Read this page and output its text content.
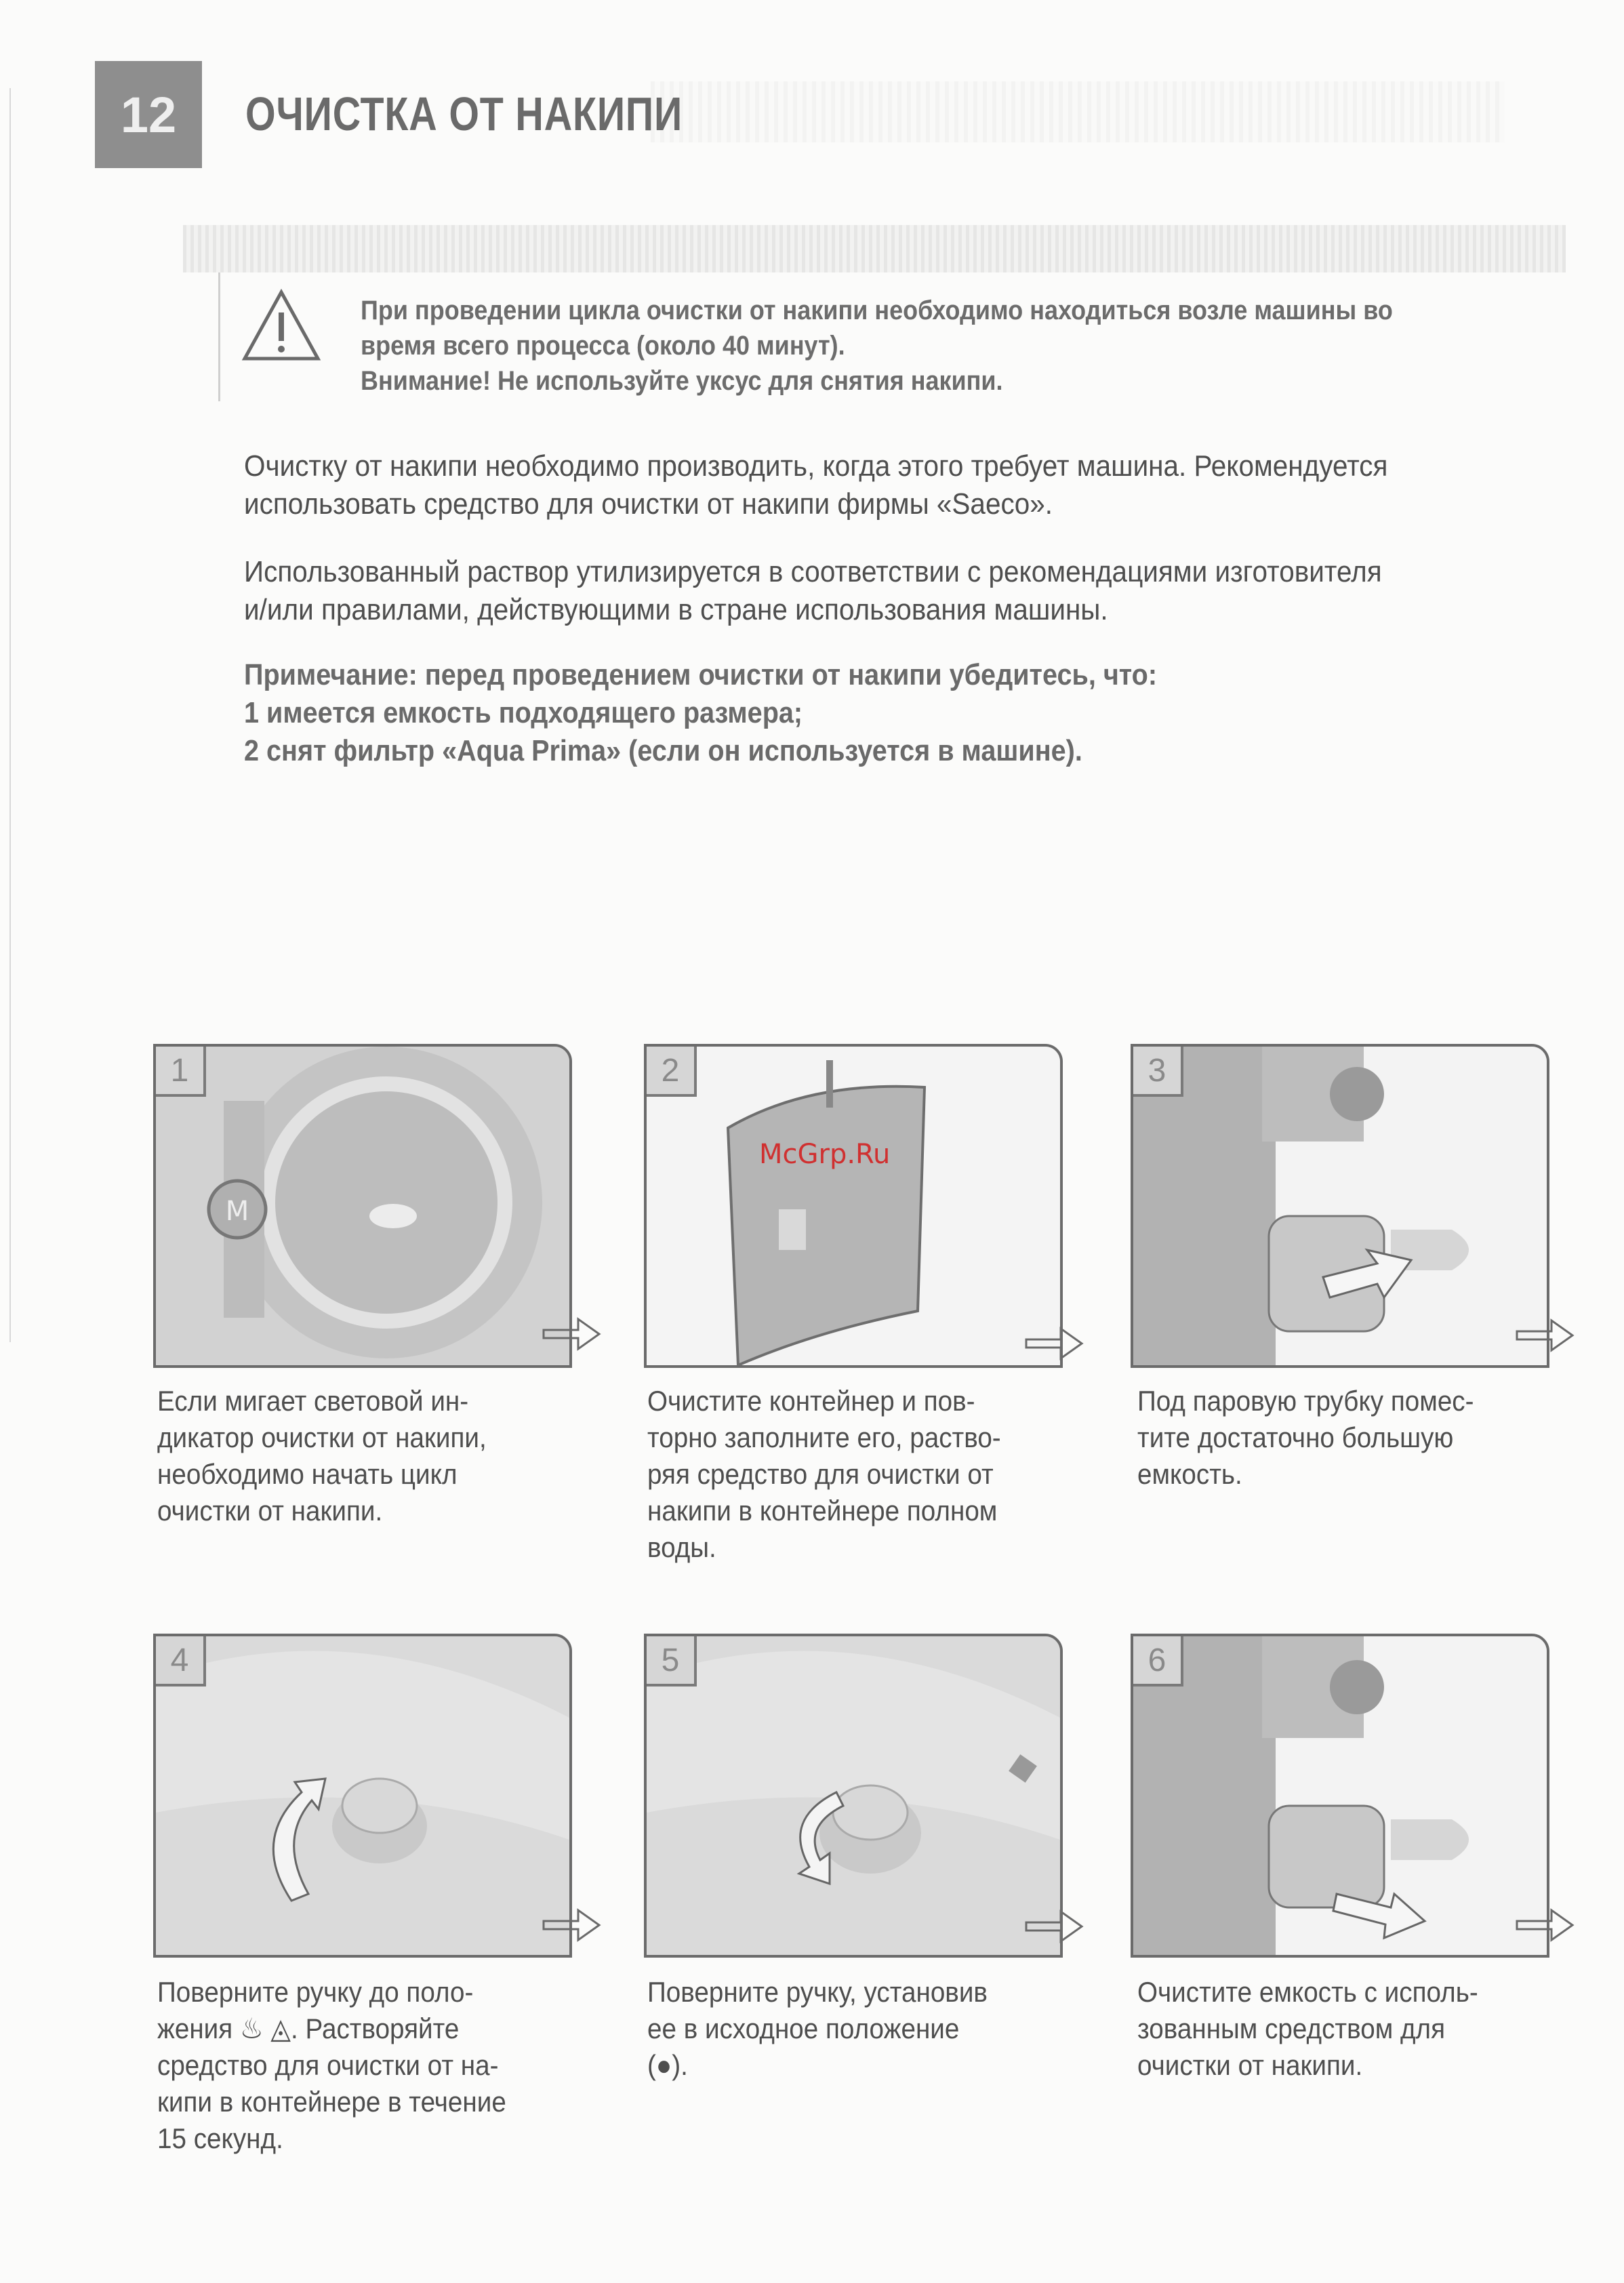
12 ОЧИСТКА ОТ НАКИПИ
При проведении цикла очистки от накипи необходимо находиться возле машины во
время всего процесса (около 40 минут).
Внимание! Не используйте уксус для снятия накипи.
Очистку от накипи необходимо производить, когда этого требует машина. Рекомендуется
использовать средство для очистки от накипи фирмы «Saeco».
Использованный раствор утилизируется в соответствии с рекомендациями изготовителя
и/или правилами, действующими в стране использования машины.
Примечание: перед проведением очистки от накипи убедитесь, что:
1 имеется емкость подходящего размера;
2 снят фильтр «Aqua Prima» (если он используется в машине).
M
1
Если мигает световой ин-
дикатор очистки от накипи,
необходимо начать цикл
очистки от накипи.
2
Очистите контейнер и пов-
торно заполните его, раство-
ряя средство для очистки от
накипи в контейнере полном
воды.
3
Под паровую трубку помес-
тите достаточно большую
емкость.
4
Поверните ручку до поло-
жения ♨ ◬. Растворяйте
средство для очистки от на-
кипи в контейнере в течение
15 секунд.
5
Поверните ручку, установив
ее в исходное положение
(●).
6
Очистите емкость с исполь-
зованным средством для
очистки от накипи.
McGrp.Ru
